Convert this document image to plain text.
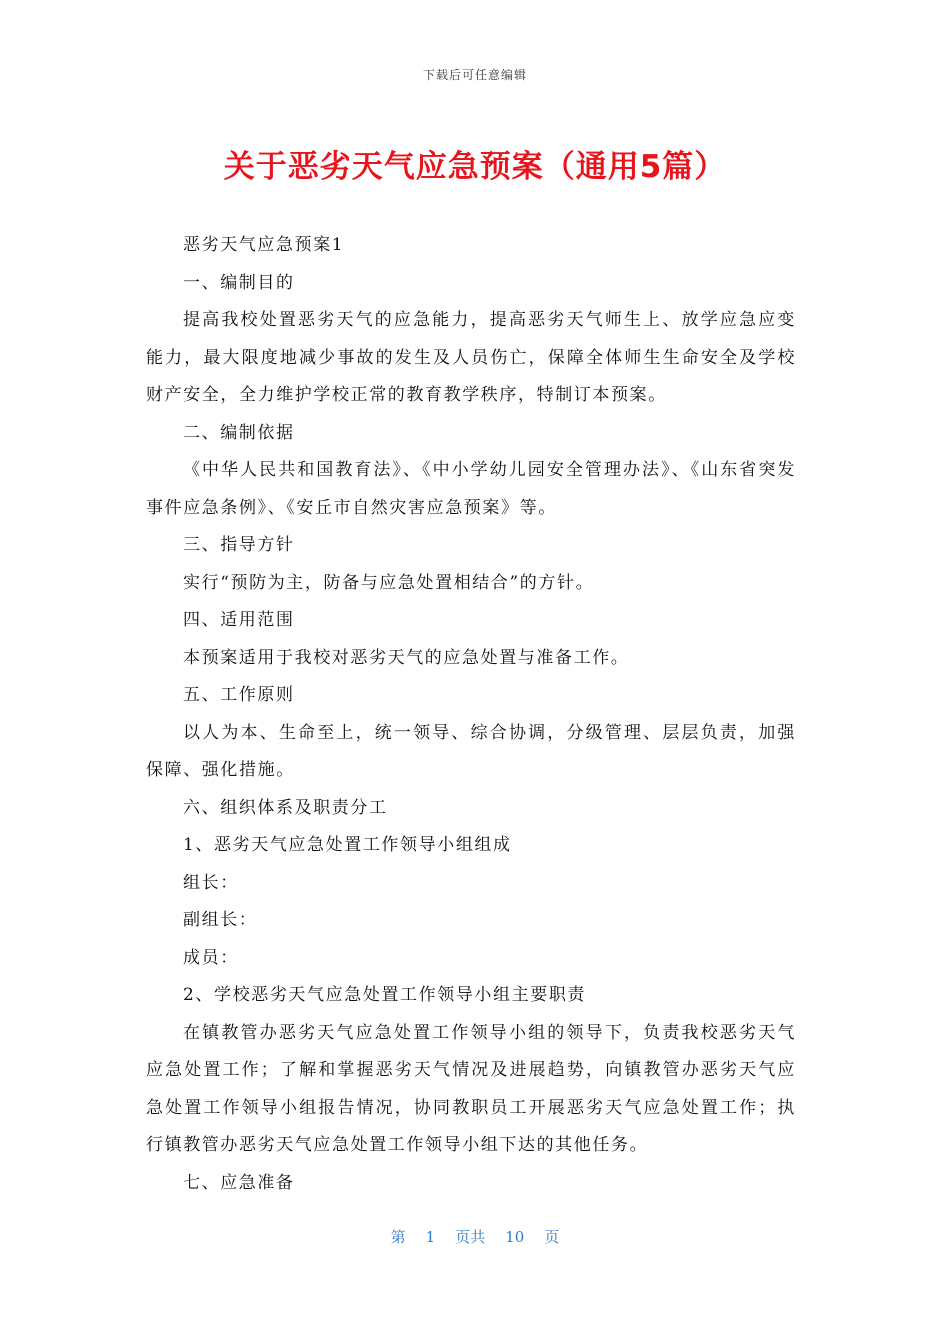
下载后可任意编辑
关于恶劣天气应急预案（通用5篇）

恶劣天气应急预案1

一、编制目的

提高我校处置恶劣天气的应急能力，提高恶劣天气师生上、放学应急应变能力，最大限度地减少事故的发生及人员伤亡，保障全体师生生命安全及学校财产安全，全力维护学校正常的教育教学秩序，特制订本预案。

二、编制依据

《中华人民共和国教育法》、《中小学幼儿园安全管理办法》、《山东省突发事件应急条例》、《安丘市自然灾害应急预案》等。

三、指导方针

实行“预防为主，防备与应急处置相结合”的方针。

四、适用范围

本预案适用于我校对恶劣天气的应急处置与准备工作。

五、工作原则

以人为本、生命至上，统一领导、综合协调，分级管理、层层负责，加强保障、强化措施。

六、组织体系及职责分工

1、恶劣天气应急处置工作领导小组组成

组长：

副组长：

成员：

2、学校恶劣天气应急处置工作领导小组主要职责

在镇教管办恶劣天气应急处置工作领导小组的领导下，负责我校恶劣天气应急处置工作；了解和掌握恶劣天气情况及进展趋势，向镇教管办恶劣天气应急处置工作领导小组报告情况，协同教职员工开展恶劣天气应急处置工作；执行镇教管办恶劣天气应急处置工作领导小组下达的其他任务。

七、应急准备

第 1 页共 10 页
